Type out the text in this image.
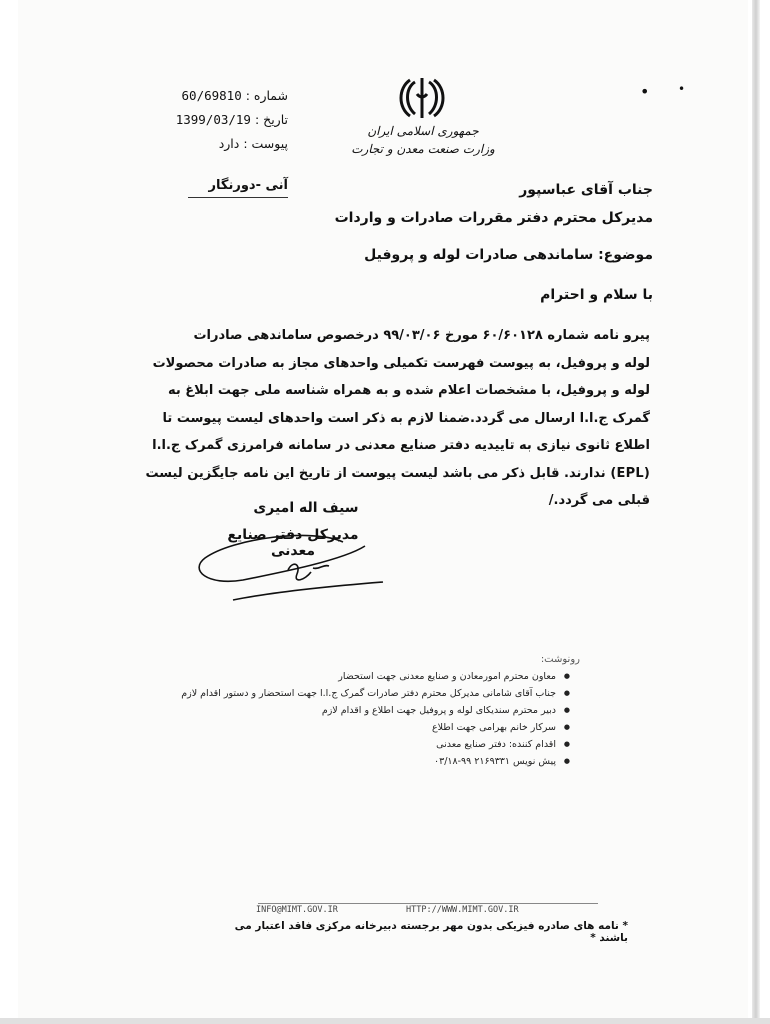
شماره : 60/69810
تاریخ : 1399/03/19
پیوست : دارد
آنی -دورنگار
جمهوری اسلامی ایران
وزارت صنعت معدن و تجارت
• •
جناب آقای عباسپور
مدیرکل محترم دفتر مقررات صادرات و واردات
موضوع: ساماندهی صادرات لوله و پروفیل
با سلام و احترام
پیرو نامه شماره ۶۰/۶۰۱۲۸ مورخ ۹۹/۰۳/۰۶ درخصوص ساماندهی صادرات
لوله و پروفیل، به پیوست فهرست تکمیلی واحدهای مجاز به صادرات محصولات
لوله و پروفیل، با مشخصات اعلام شده و به همراه شناسه ملی جهت ابلاغ به
گمرک ج.ا.ا ارسال می گردد.ضمنا لازم به ذکر است واحدهای لیست پیوست تا
اطلاع ثانوی نیازی به تاییدیه دفتر صنایع معدنی در سامانه فرامرزی گمرک ج.ا.ا
(EPL) ندارند. قابل ذکر می باشد لیست پیوست از تاریخ این نامه جایگزین لیست
قبلی می گردد./
سیف اله امیری
مدیرکل دفتر صنایع معدنی
رونوشت:
● معاون محترم امورمعادن و صنایع معدنی جهت استحضار
● جناب آقای شامانی مدیرکل محترم دفتر صادرات گمرک ج.ا.ا جهت استحضار و دستور اقدام لازم
● دبیر محترم سندیکای لوله و پروفیل جهت اطلاع و اقدام لازم
● سرکار خانم بهرامی جهت اطلاع
● اقدام کننده: دفتر صنایع معدنی
● پیش نویس ۲۱۶۹۳۳۱ ۹۹-۰۳/۱۸
INFO@MIMT.GOV.IR	HTTP://WWW.MIMT.GOV.IR
* نامه های صادره فیزیکی بدون مهر برجسته دبیرخانه مرکزی فاقد اعتبار می باشند *
